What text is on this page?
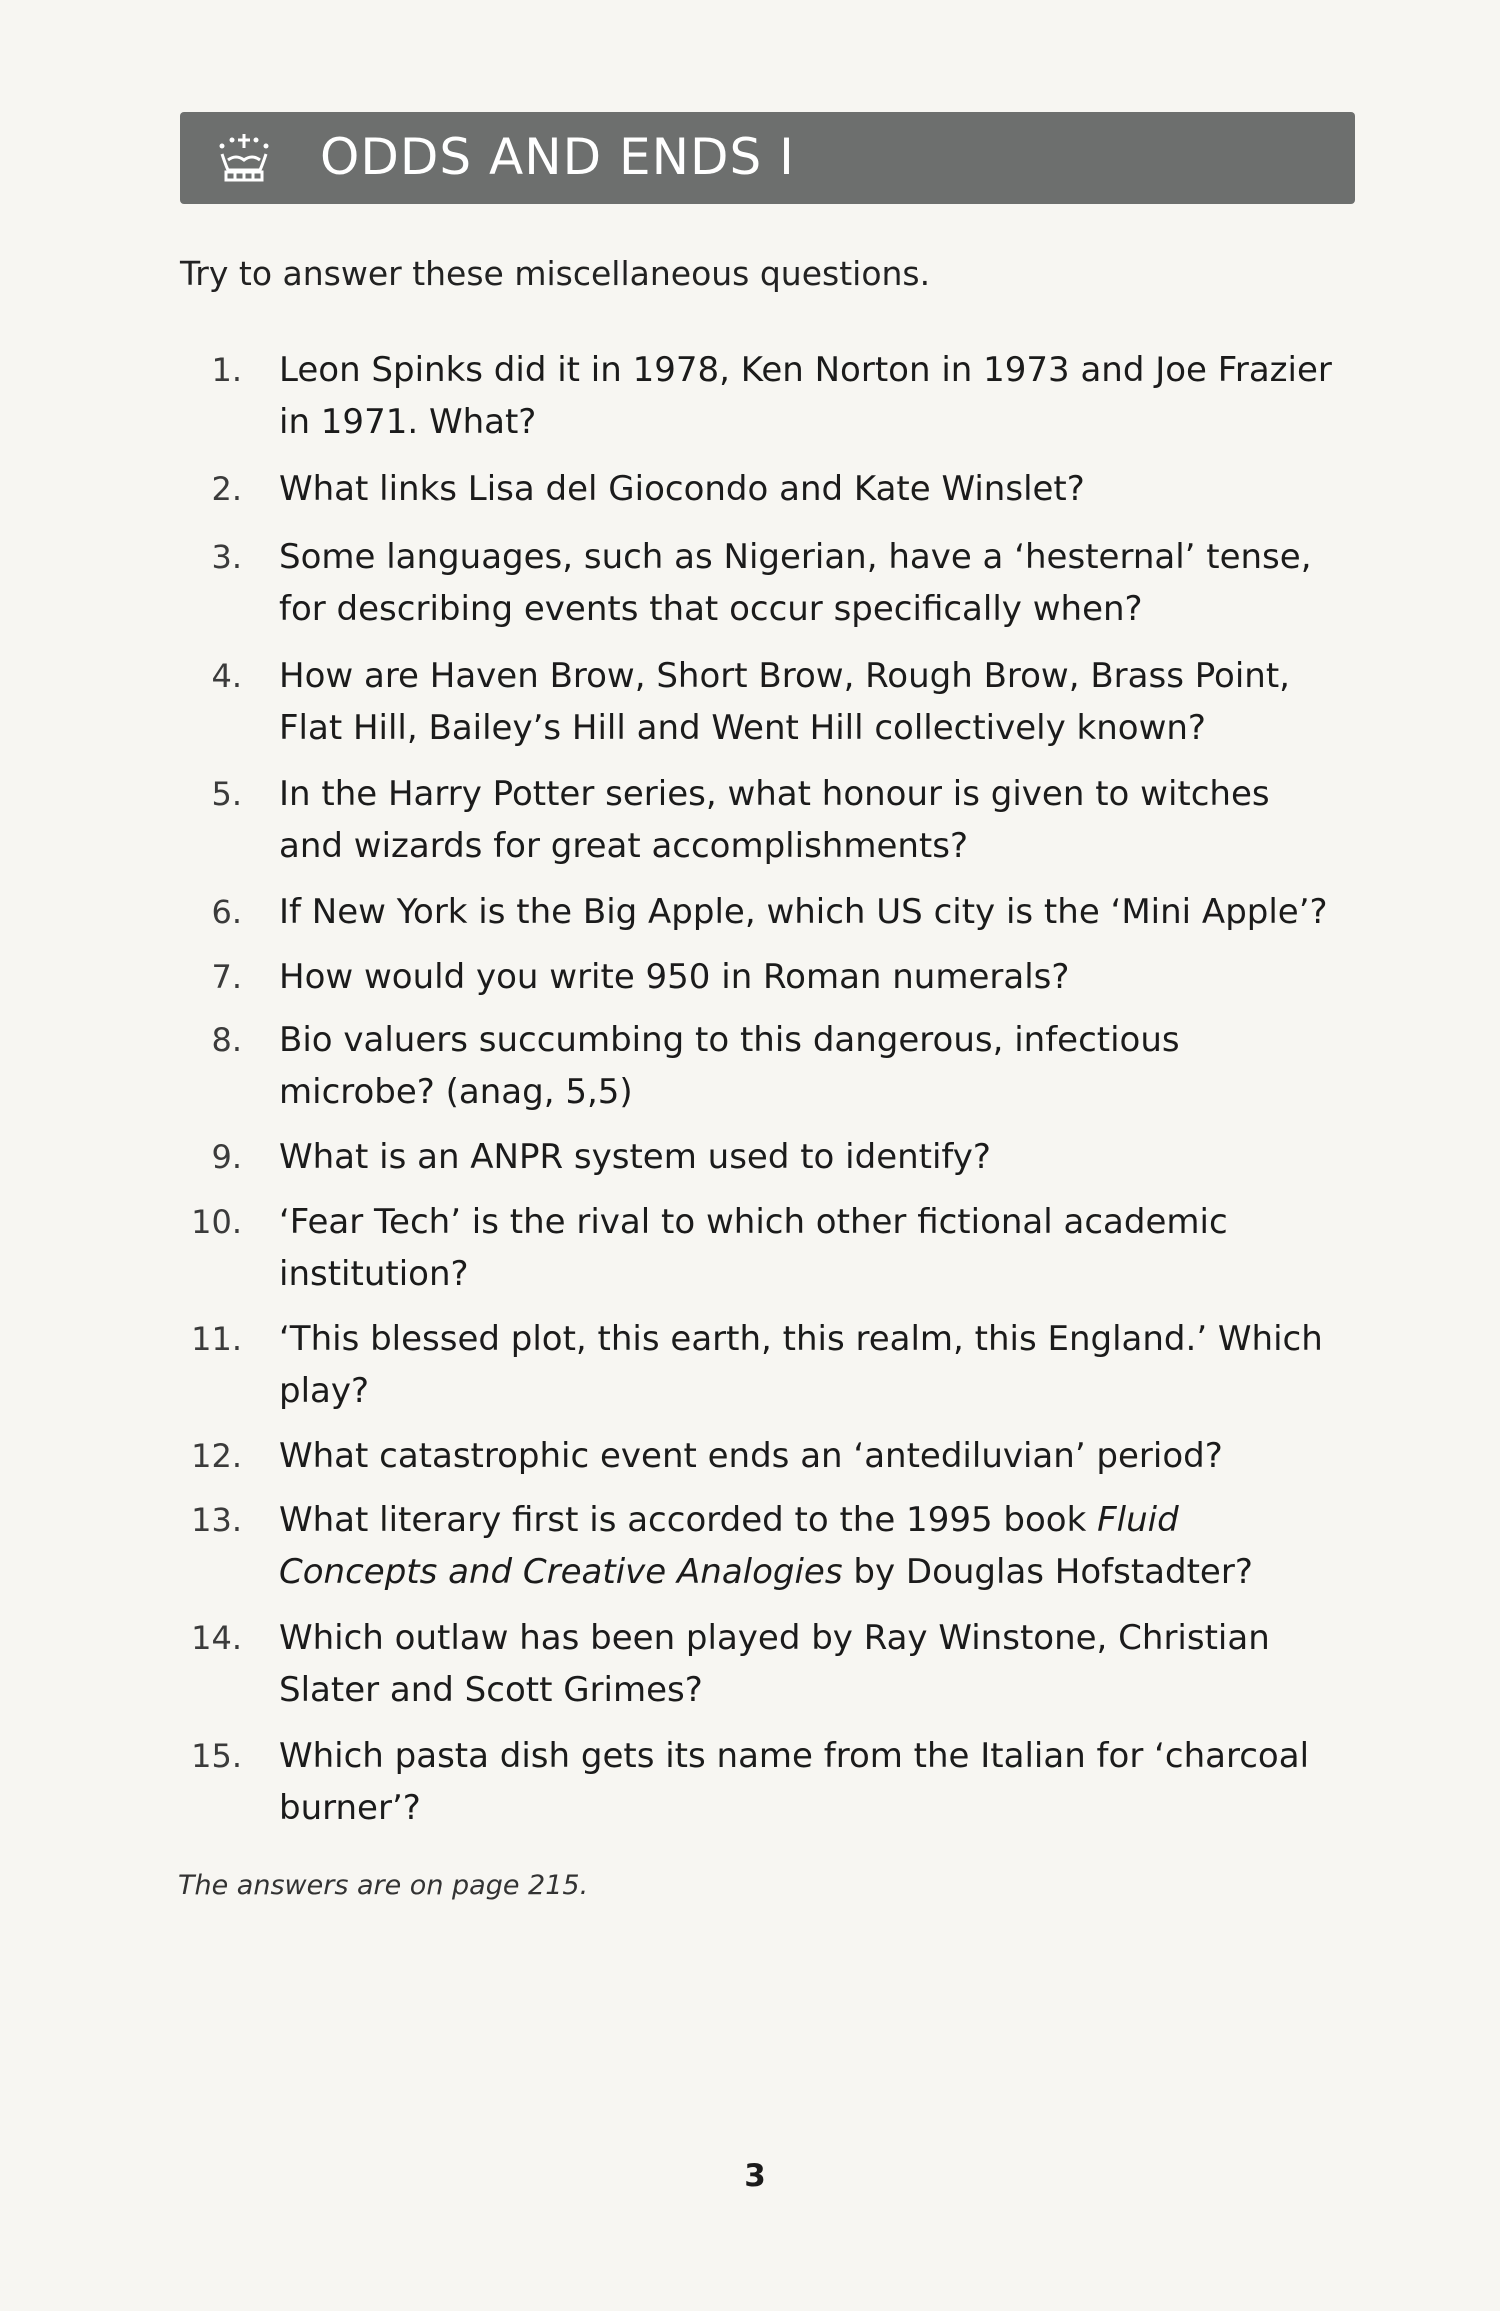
ODDS AND ENDS I
Try to answer these miscellaneous questions.
1. Leon Spinks did it in 1978, Ken Norton in 1973 and Joe Frazier
in 1971. What?
2. What links Lisa del Giocondo and Kate Winslet?
3. Some languages, such as Nigerian, have a ‘hesternal’ tense,
for describing events that occur specifically when?
4. How are Haven Brow, Short Brow, Rough Brow, Brass Point,
Flat Hill, Bailey’s Hill and Went Hill collectively known?
5. In the Harry Potter series, what honour is given to witches
and wizards for great accomplishments?
6. If New York is the Big Apple, which US city is the ‘Mini Apple’?
7. How would you write 950 in Roman numerals?
8. Bio valuers succumbing to this dangerous, infectious
microbe? (anag, 5,5)
9. What is an ANPR system used to identify?
10. ‘Fear Tech’ is the rival to which other fictional academic
institution?
11. ‘This blessed plot, this earth, this realm, this England.’ Which
play?
12. What catastrophic event ends an ‘antediluvian’ period?
13. What literary first is accorded to the 1995 book Fluid
Concepts and Creative Analogies by Douglas Hofstadter?
14. Which outlaw has been played by Ray Winstone, Christian
Slater and Scott Grimes?
15. Which pasta dish gets its name from the Italian for ‘charcoal
burner’?
The answers are on page 215.
3
